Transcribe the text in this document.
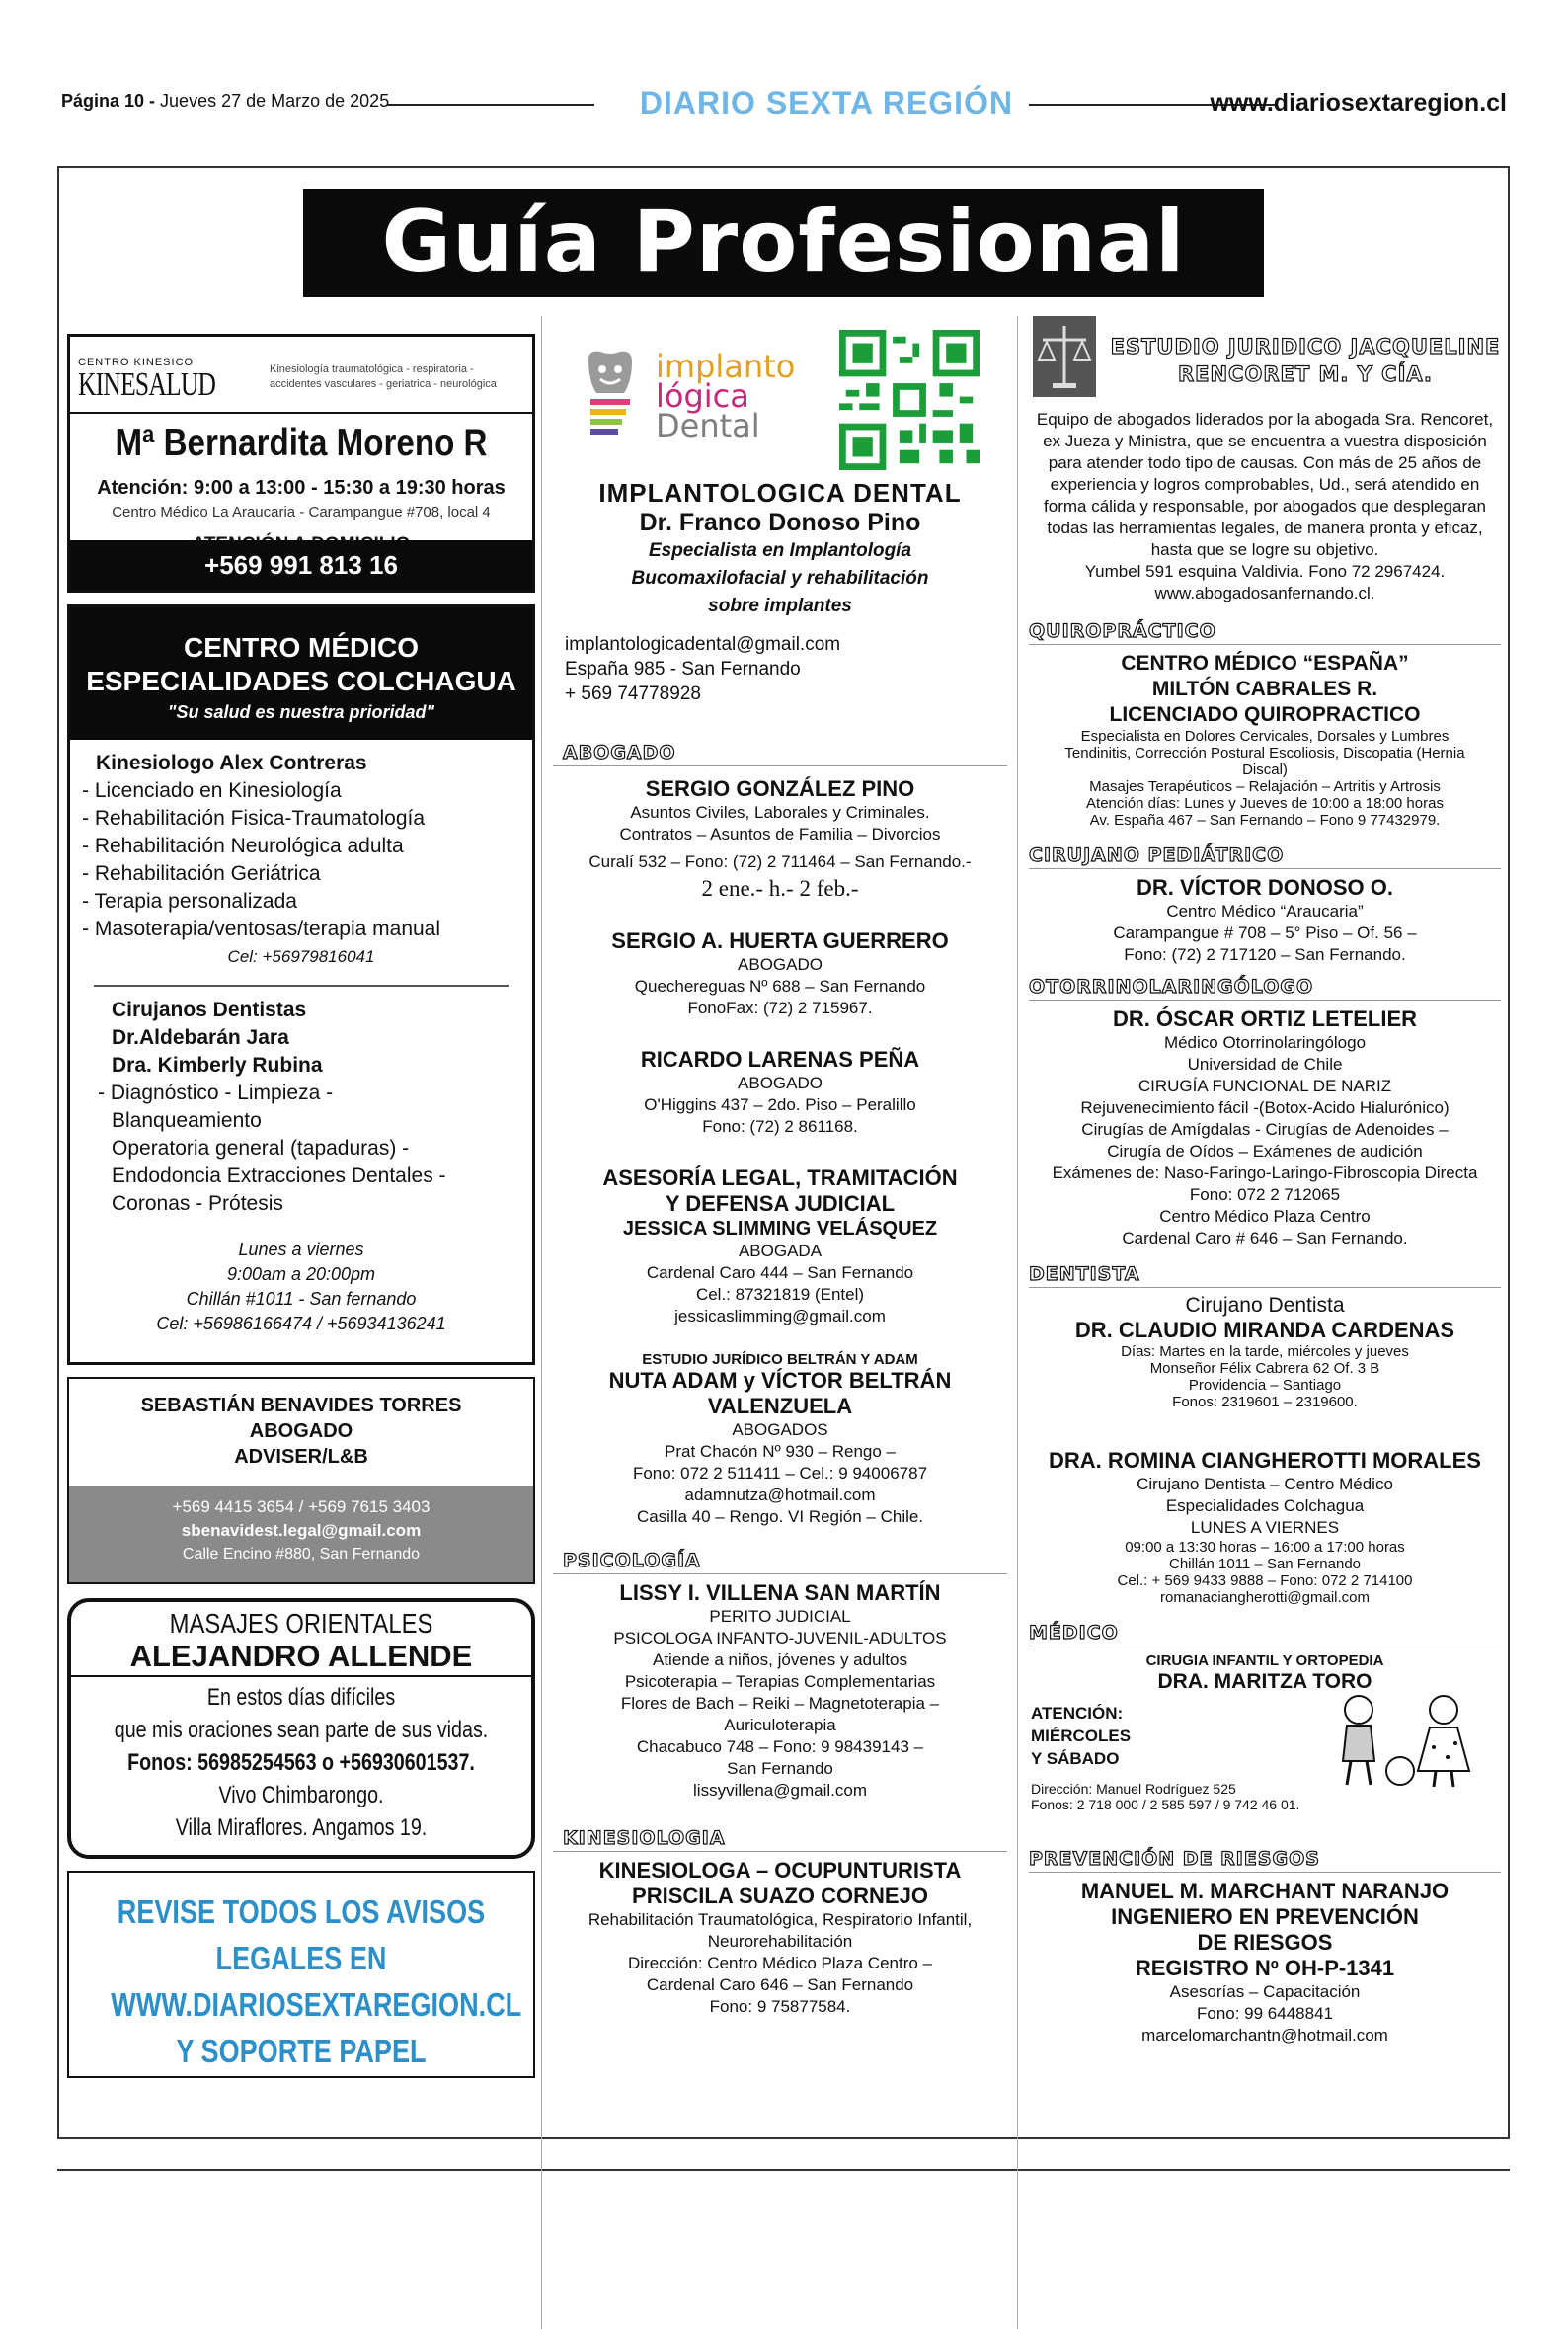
Página 10 - Jueves 27 de Marzo de 2025	DIARIO SEXTA REGIÓN	www.diariosextaregion.cl
Guía Profesional
CENTRO KINESICO
KINESALUD	Kinesiología traumatológica - respiratoria - accidentes vasculares - geriatrica - neurológica
Mª Bernardita Moreno R
Atención: 9:00 a 13:00 - 15:30 a 19:30 horas
Centro Médico La Araucaria - Carampangue #708, local 4
+569 991 813 16
CENTRO MÉDICO
ESPECIALIDADES COLCHAGUA
"Su salud es nuestra prioridad"
Kinesiologo Alex Contreras
- Licenciado en Kinesiología
- Rehabilitación Fisica-Traumatología
- Rehabilitación Neurológica adulta
- Rehabilitación Geriátrica
- Terapia personalizada
- Masoterapia/ventosas/terapia manual
Cel: +56979816041
Cirujanos Dentistas
Dr.Aldebarán Jara
Dra. Kimberly Rubina
- Diagnóstico - Limpieza -
Blanqueamiento
Operatoria general (tapaduras) -
Endodoncia Extracciones Dentales -
Coronas - Prótesis
Lunes a viernes
9:00am a 20:00pm
Chillán #1011 - San fernando
Cel: +56986166474 / +56934136241
SEBASTIÁN BENAVIDES TORRES
ABOGADO
ADVISER/L&B
+569 4415 3654 / +569 7615 3403
sbenavidest.legal@gmail.com
Calle Encino #880, San Fernando
MASAJES ORIENTALES
ALEJANDRO ALLENDE
En estos días difíciles
que mis oraciones sean parte de sus vidas.
Fonos: 56985254563 o +56930601537.
Vivo Chimbarongo.
Villa Miraflores. Angamos 19.
REVISE TODOS LOS AVISOS
LEGALES EN
WWW.DIARIOSEXTAREGION.CL
Y SOPORTE PAPEL
implanto
lógica
Dental
IMPLANTOLOGICA DENTAL
Dr. Franco Donoso Pino
Especialista en Implantología
Bucomaxilofacial y rehabilitación
sobre implantes
implantologicadental@gmail.com
España 985 - San Fernando
+ 569 74778928
ABOGADO
SERGIO GONZÁLEZ PINO
Asuntos Civiles, Laborales y Criminales.
Contratos – Asuntos de Familia – Divorcios
Curalí 532 – Fono: (72) 2 711464 – San Fernando.-
2 ene.- h.- 2 feb.-
SERGIO A. HUERTA GUERRERO
ABOGADO
Quechereguas Nº 688 – San Fernando
FonoFax: (72) 2 715967.
RICARDO LARENAS PEÑA
ABOGADO
O'Higgins 437 – 2do. Piso – Peralillo
Fono: (72) 2 861168.
ASESORÍA LEGAL, TRAMITACIÓN
Y DEFENSA JUDICIAL
JESSICA SLIMMING VELÁSQUEZ
ABOGADA
Cardenal Caro 444 – San Fernando
Cel.: 87321819 (Entel)
jessicaslimming@gmail.com
ESTUDIO JURÍDICO BELTRÁN Y ADAM
NUTA ADAM y VÍCTOR BELTRÁN
VALENZUELA
ABOGADOS
Prat Chacón Nº 930 – Rengo –
Fono: 072 2 511411 – Cel.: 9 94006787
adamnutza@hotmail.com
Casilla 40 – Rengo. VI Región – Chile.
PSICOLOGÍA
LISSY I. VILLENA SAN MARTÍN
PERITO JUDICIAL
PSICOLOGA INFANTO-JUVENIL-ADULTOS
Atiende a niños, jóvenes y adultos
Psicoterapia – Terapias Complementarias
Flores de Bach – Reiki – Magnetoterapia –
Auriculoterapia
Chacabuco 748 – Fono: 9 98439143 –
San Fernando
lissyvillena@gmail.com
KINESIOLOGIA
KINESIOLOGA – OCUPUNTURISTA
PRISCILA SUAZO CORNEJO
Rehabilitación Traumatológica, Respiratorio Infantil,
Neurorehabilitación
Dirección: Centro Médico Plaza Centro –
Cardenal Caro 646 – San Fernando
Fono: 9 75877584.
ESTUDIO JURIDICO JACQUELINE
RENCORET M. Y CÍA.
Equipo de abogados liderados por la abogada Sra. Rencoret, ex Jueza y Ministra, que se encuentra a vuestra disposición para atender todo tipo de causas. Con más de 25 años de experiencia y logros comprobables, Ud., será atendido en forma cálida y responsable, por abogados que desplegaran todas las herramientas legales, de manera pronta y eficaz, hasta que se logre su objetivo.
Yumbel 591 esquina Valdivia. Fono 72 2967424.
www.abogadosanfernando.cl.
QUIROPRÁCTICO
CENTRO MÉDICO “ESPAÑA”
MILTÓN CABRALES R.
LICENCIADO QUIROPRACTICO
Especialista en Dolores Cervicales, Dorsales y Lumbres
Tendinitis, Corrección Postural Escoliosis, Discopatia (Hernia
Discal)
Masajes Terapéuticos – Relajación – Artritis y Artrosis
Atención días: Lunes y Jueves de 10:00 a 18:00 horas
Av. España 467 – San Fernando – Fono 9 77432979.
CIRUJANO PEDIÁTRICO
DR. VÍCTOR DONOSO O.
Centro Médico “Araucaria”
Carampangue # 708 – 5° Piso – Of. 56 –
Fono: (72) 2 717120 – San Fernando.
OTORRINOLARINGÓLOGO
DR. ÓSCAR ORTIZ LETELIER
Médico Otorrinolaringólogo
Universidad de Chile
CIRUGÍA FUNCIONAL DE NARIZ
Rejuvenecimiento fácil -(Botox-Acido Hialurónico)
Cirugías de Amígdalas - Cirugías de Adenoides –
Cirugía de Oídos – Exámenes de audición
Exámenes de: Naso-Faringo-Laringo-Fibroscopia Directa
Fono: 072 2 712065
Centro Médico Plaza Centro
Cardenal Caro # 646 – San Fernando.
DENTISTA
Cirujano Dentista
DR. CLAUDIO MIRANDA CARDENAS
Días: Martes en la tarde, miércoles y jueves
Monseñor Félix Cabrera 62 Of. 3 B
Providencia – Santiago
Fonos: 2319601 – 2319600.
DRA. ROMINA CIANGHEROTTI MORALES
Cirujano Dentista – Centro Médico
Especialidades Colchagua
LUNES A VIERNES
09:00 a 13:30 horas – 16:00 a 17:00 horas
Chillán 1011 – San Fernando
Cel.: + 569 9433 9888 – Fono: 072 2 714100
romanaciangherotti@gmail.com
MÉDICO
CIRUGIA INFANTIL Y ORTOPEDIA
DRA. MARITZA TORO
ATENCIÓN:
MIÉRCOLES
Y SÁBADO
Dirección: Manuel Rodríguez 525
Fonos: 2 718 000 / 2 585 597 / 9 742 46 01.
PREVENCIÓN DE RIESGOS
MANUEL M. MARCHANT NARANJO
INGENIERO EN PREVENCIÓN
DE RIESGOS
REGISTRO Nº OH-P-1341
Asesorías – Capacitación
Fono: 99 6448841
marcelomarchantn@hotmail.com
